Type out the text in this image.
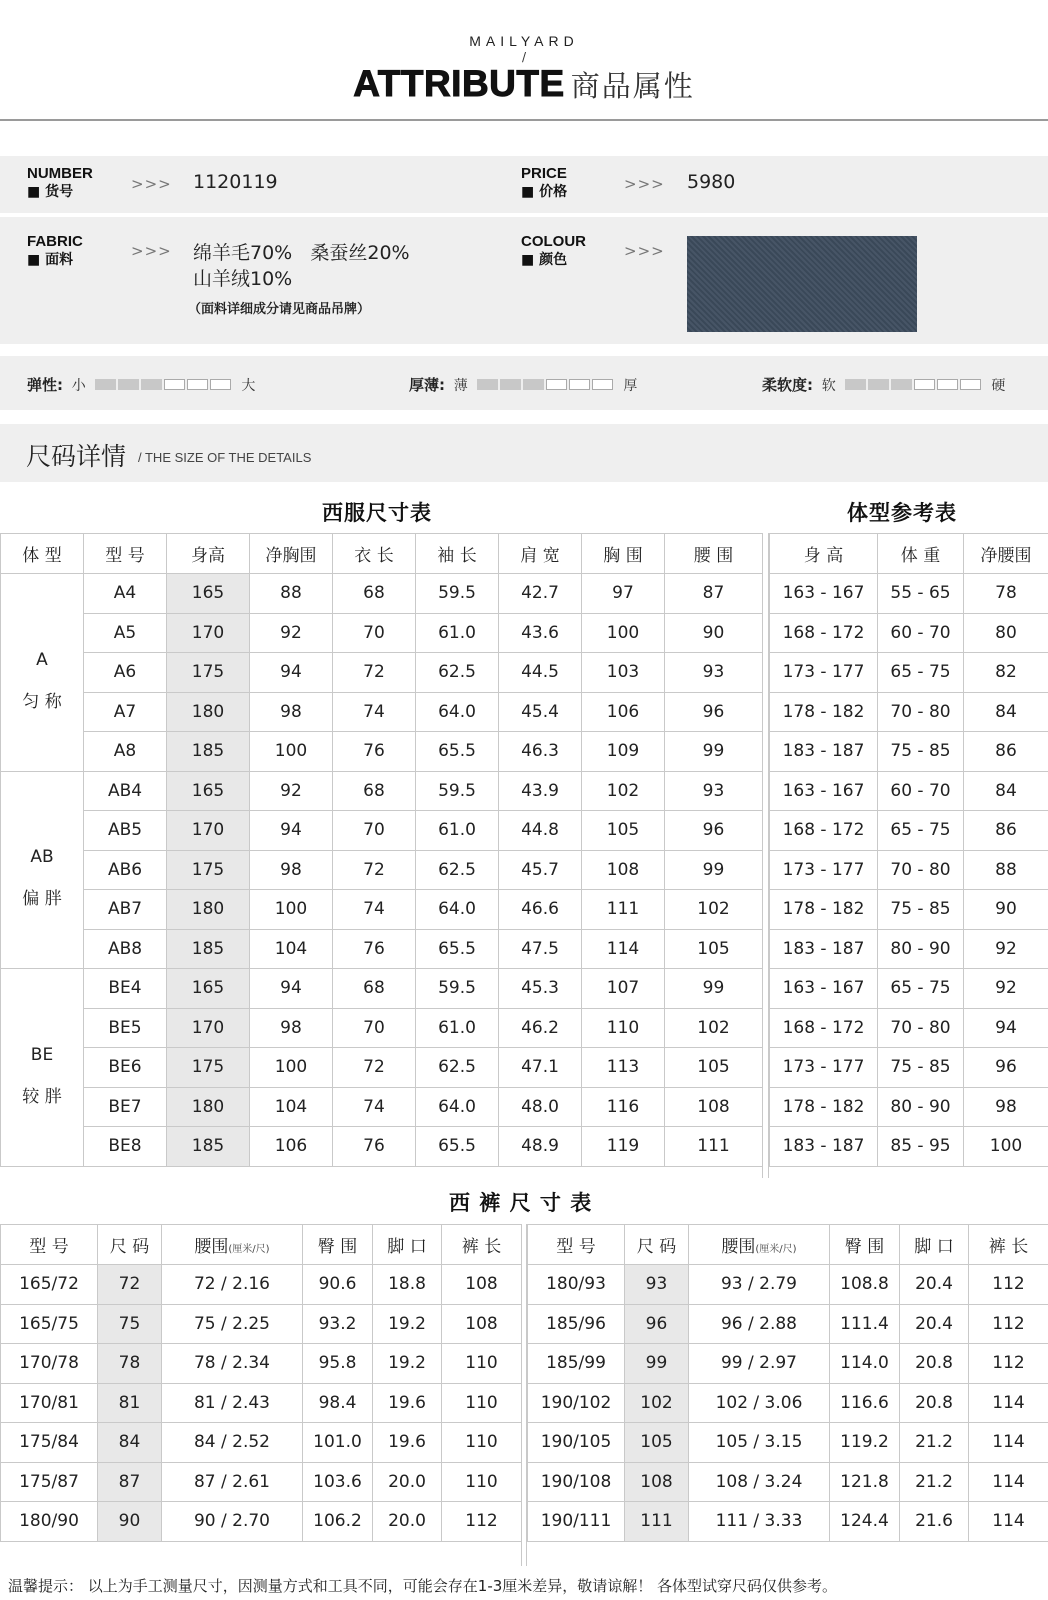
MAILYARD
/
ATTRIBUTE 商品属性
NUMBER
■ 货号	>>> 1120119	PRICE
■ 价格	>>> 5980
FABRIC
■ 面料	>>> 绵羊毛70%   桑蚕丝20%
山羊绒10%
（面料详细成分请见商品吊牌）
COLOUR
■ 颜色	>>>
弹性: 小	大	厚薄: 薄	厚	柔软度: 软	硬
尺码详情 / THE SIZE OF THE DETAILS
西服尺寸表	体型参考表
体 型	型 号	身高	净胸围	衣 长	袖 长	肩 宽	胸 围	腰 围

A
匀 称	A4	165	88	68	59.5	42.7	97	87
	A5	170	92	70	61.0	43.6	100	90
	A6	175	94	72	62.5	44.5	103	93
	A7	180	98	74	64.0	45.4	106	96
	A8	185	100	76	65.5	46.3	109	99

AB
偏 胖	AB4	165	92	68	59.5	43.9	102	93
	AB5	170	94	70	61.0	44.8	105	96
	AB6	175	98	72	62.5	45.7	108	99
	AB7	180	100	74	64.0	46.6	111	102
	AB8	185	104	76	65.5	47.5	114	105

BE
较 胖	BE4	165	94	68	59.5	45.3	107	99
	BE5	170	98	70	61.0	46.2	110	102
	BE6	175	100	72	62.5	47.1	113	105
	BE7	180	104	74	64.0	48.0	116	108
	BE8	185	106	76	65.5	48.9	119	111
身 高	体 重	净腰围
163 - 167	55 - 65	78
168 - 172	60 - 70	80
173 - 177	65 - 75	82
178 - 182	70 - 80	84
183 - 187	75 - 85	86
163 - 167	60 - 70	84
168 - 172	65 - 75	86
173 - 177	70 - 80	88
178 - 182	75 - 85	90
183 - 187	80 - 90	92
163 - 167	65 - 75	92
168 - 172	70 - 80	94
173 - 177	75 - 85	96
178 - 182	80 - 90	98
183 - 187	85 - 95	100
西 裤 尺 寸 表
型 号	尺 码	腰围(厘米/尺)	臀 围	脚 口	裤 长
165/72	72	72 / 2.16	90.6	18.8	108
165/75	75	75 / 2.25	93.2	19.2	108
170/78	78	78 / 2.34	95.8	19.2	110
170/81	81	81 / 2.43	98.4	19.6	110
175/84	84	84 / 2.52	101.0	19.6	110
175/87	87	87 / 2.61	103.6	20.0	110
180/90	90	90 / 2.70	106.2	20.0	112
型 号	尺 码	腰围(厘米/尺)	臀 围	脚 口	裤 长
180/93	93	93 / 2.79	108.8	20.4	112
185/96	96	96 / 2.88	111.4	20.4	112
185/99	99	99 / 2.97	114.0	20.8	112
190/102	102	102 / 3.06	116.6	20.8	114
190/105	105	105 / 3.15	119.2	21.2	114
190/108	108	108 / 3.24	121.8	21.2	114
190/111	111	111 / 3.33	124.4	21.6	114
温馨提示： 以上为手工测量尺寸，因测量方式和工具不同，可能会存在1-3厘米差异，敬请谅解！ 各体型试穿尺码仅供参考。
